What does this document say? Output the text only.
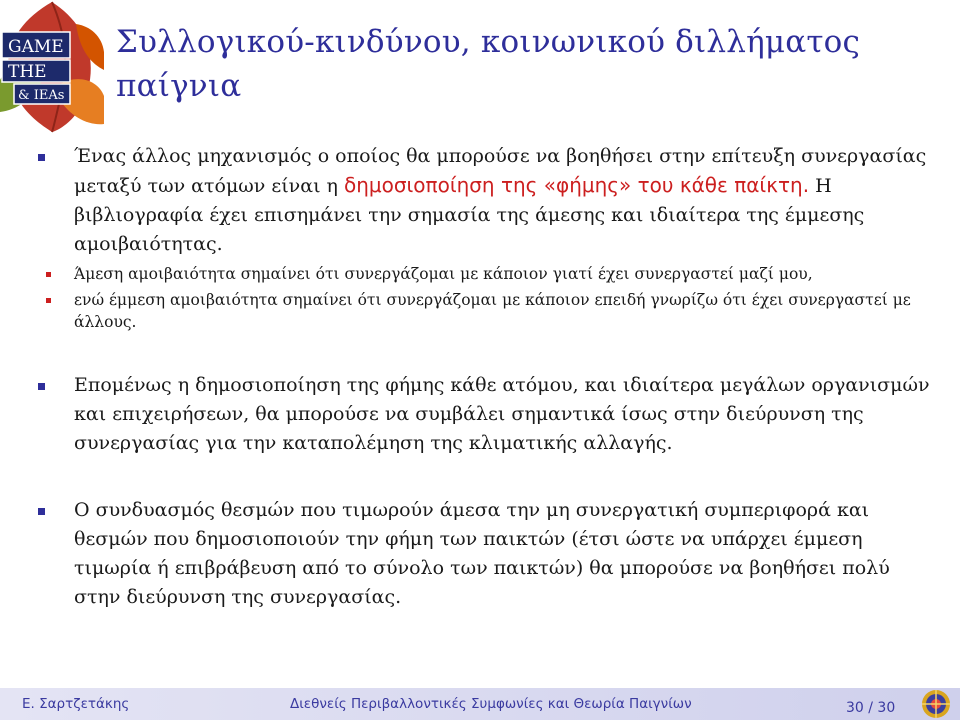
GAME
THE
& IEAs
Συλλογικού-κινδύνου, κοινωνικού διλλήματος παίγνια
Ένας άλλος μηχανισμός ο οποίος θα μπορούσε να βοηθήσει στην επίτευξη συνεργασίας μεταξύ των ατόμων είναι η δημοσιοποίηση της «φήμης» του κάθε παίκτη. Η βιβλιογραφία έχει επισημάνει την σημασία της άμεσης και ιδιαίτερα της έμμεσης αμοιβαιότητας.
Άμεση αμοιβαιότητα σημαίνει ότι συνεργάζομαι με κάποιον γιατί έχει συνεργαστεί μαζί μου,
ενώ έμμεση αμοιβαιότητα σημαίνει ότι συνεργάζομαι με κάποιον επειδή γνωρίζω ότι έχει συνεργαστεί με άλλους.
Επομένως η δημοσιοποίηση της φήμης κάθε ατόμου, και ιδιαίτερα μεγάλων οργανισμών και επιχειρήσεων, θα μπορούσε να συμβάλει σημαντικά ίσως στην διεύρυνση της συνεργασίας για την καταπολέμηση της κλιματικής αλλαγής.
Ο συνδυασμός θεσμών που τιμωρούν άμεσα την μη συνεργατική συμπεριφορά και θεσμών που δημοσιοποιούν την φήμη των παικτών (έτσι ώστε να υπάρχει έμμεση τιμωρία ή επιβράβευση από το σύνολο των παικτών) θα μπορούσε να βοηθήσει πολύ στην διεύρυνση της συνεργασίας.
Ε. Σαρτζετάκης	Διεθνείς Περιβαλλοντικές Συμφωνίες και Θεωρία Παιγνίων	30 / 30
